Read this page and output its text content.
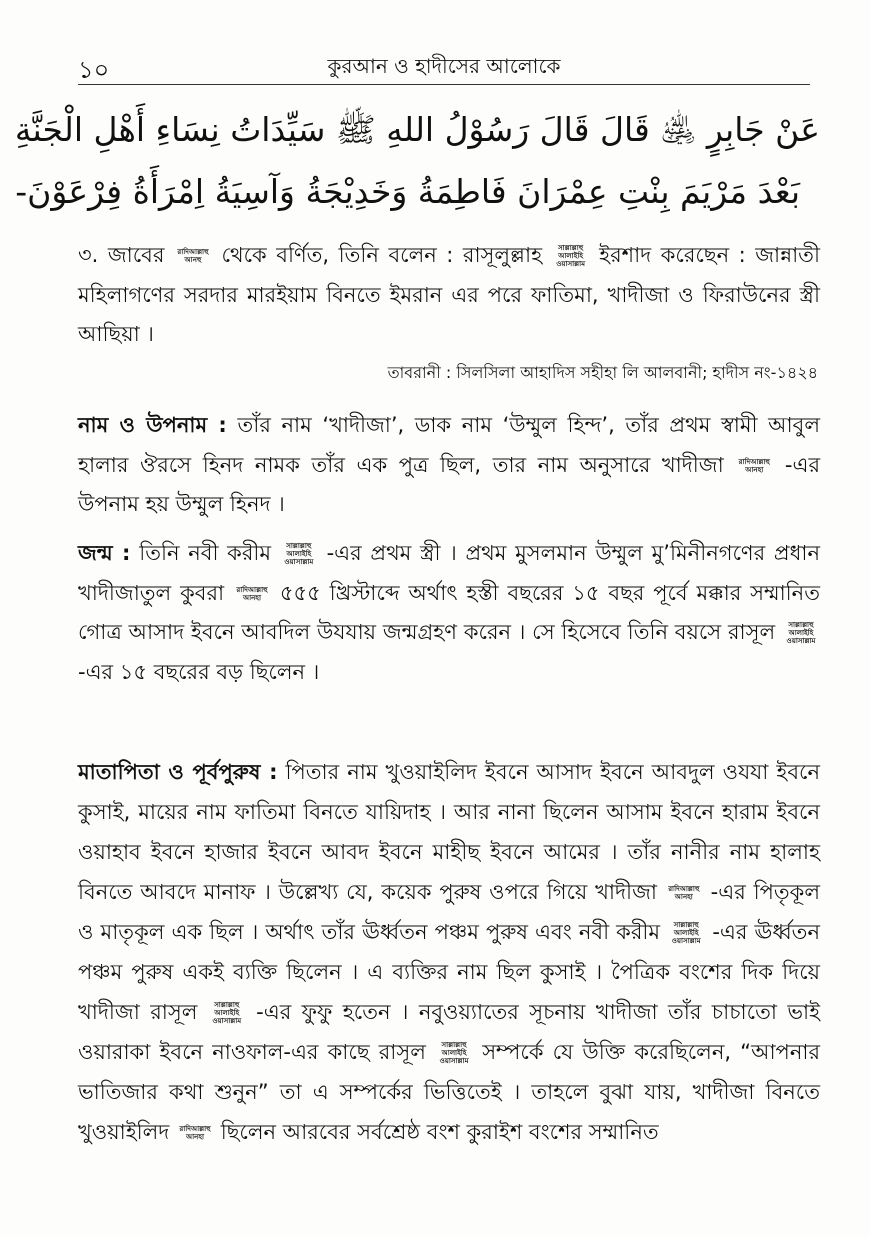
১০	কুরআন ও হাদীসের আলোকে
عَنْ جَابِرٍ ﵁ قَالَ قَالَ رَسُوْلُ اللهِ ﷺ سَيِّدَاتُ نِسَاءِ أَهْلِ الْجَنَّةِ
بَعْدَ مَرْيَمَ بِنْتِ عِمْرَانَ فَاطِمَةُ وَخَدِيْجَةُ وَآسِيَةُ اِمْرَأَةُ فِرْعَوْنَ-
৩. জাবের রাদিআল্লাহু
আনহু থেকে বর্ণিত, তিনি বলেন : রাসূলুল্লাহ	সাল্লাল্লাহু
আলাইহি
ওয়াসাল্লাম ইরশাদ করেছেন : জান্নাতী মহিলাগণের সরদার মারইয়াম বিনতে ইমরান এর পরে ফাতিমা, খাদীজা ও ফিরাউনের স্ত্রী আছিয়া ।
তাবরানী : সিলসিলা আহাদিস সহীহা লি আলবানী; হাদীস নং-১৪২৪
নাম ও উপনাম : তাঁর নাম ‘খাদীজা’, ডাক নাম ‘উম্মুল হিন্দ’, তাঁর প্রথম স্বামী আবুল হালার ঔরসে হিনদ নামক তাঁর এক পুত্র ছিল, তার নাম অনুসারে খাদীজা রাদিআল্লাহু
আনহা	-এর উপনাম হয় উম্মুল হিনদ ।
জন্ম : তিনি নবী করীম	সাল্লাল্লাহু
আলাইহি
ওয়াসাল্লাম -এর প্রথম স্ত্রী । প্রথম মুসলমান উম্মুল মু’মিনীনগণের প্রধান খাদীজাতুল কুবরা রাদিআল্লাহু
আনহা ৫৫৫ খ্রিস্টাব্দে অর্থাৎ হস্তী বছরের ১৫ বছর পূর্বে মক্কার সম্মানিত গোত্র আসাদ ইবনে আবদিল উযযায় জন্মগ্রহণ করেন । সে হিসেবে তিনি বয়সে রাসূল	সাল্লাল্লাহু
আলাইহি
ওয়াসাল্লাম
-এর ১৫ বছরের বড় ছিলেন ।
মাতাপিতা ও পূর্বপুরুষ : পিতার নাম খুওয়াইলিদ ইবনে আসাদ ইবনে আবদুল ওযযা ইবনে কুসাই, মায়ের নাম ফাতিমা বিনতে যায়িদাহ । আর নানা ছিলেন আসাম ইবনে হারাম ইবনে ওয়াহাব ইবনে হাজার ইবনে আবদ ইবনে মাহীছ ইবনে আমের । তাঁর নানীর নাম হালাহ বিনতে আবদে মানাফ । উল্লেখ্য যে, কয়েক পুরুষ ওপরে গিয়ে খাদীজা রাদিআল্লাহু
আনহা -এর পিতৃকূল ও মাতৃকূল এক ছিল । অর্থাৎ তাঁর ঊর্ধ্বতন পঞ্চম পুরুষ এবং নবী করীম	সাল্লাল্লাহু
আলাইহি
ওয়াসাল্লাম -এর ঊর্ধ্বতন পঞ্চম পুরুষ একই ব্যক্তি ছিলেন । এ ব্যক্তির নাম ছিল কুসাই । পৈত্রিক বংশের দিক দিয়ে খাদীজা রাসূল	সাল্লাল্লাহু
আলাইহি
ওয়াসাল্লাম -এর ফুফু হতেন । নবুওয়্যাতের সূচনায় খাদীজা তাঁর চাচাতো ভাই ওয়ারাকা ইবনে নাওফাল-এর কাছে রাসূল	সাল্লাল্লাহু
আলাইহি
ওয়াসাল্লাম সম্পর্কে যে উক্তি করেছিলেন, “আপনার ভাতিজার কথা শুনুন” তা এ সম্পর্কের ভিত্তিতেই । তাহলে বুঝা যায়, খাদীজা বিনতে খুওয়াইলিদ রাদিআল্লাহু
আনহা ছিলেন আরবের সর্বশ্রেষ্ঠ বংশ কুরাইশ বংশের সম্মানিত
